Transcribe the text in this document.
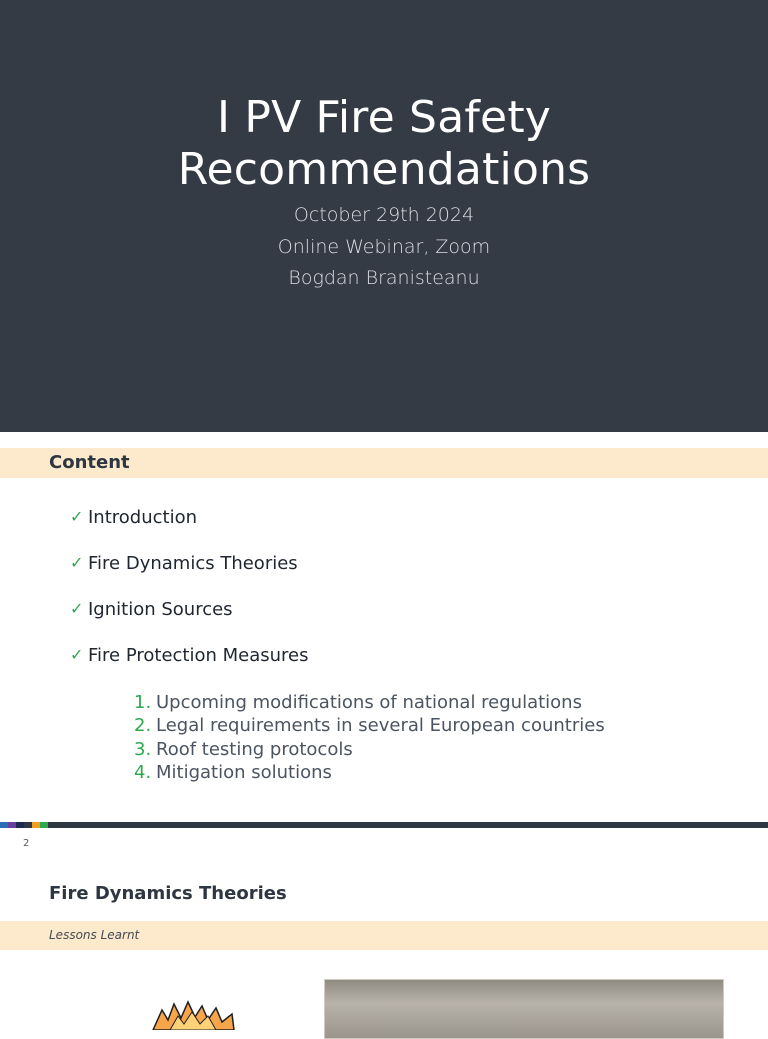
I PV Fire Safety
Recommendations
October 29th 2024
Online Webinar, Zoom
Bogdan Branisteanu
Content
✓ Introduction
✓ Fire Dynamics Theories
✓ Ignition Sources
✓ Fire Protection Measures
1. Upcoming modifications of national regulations
2. Legal requirements in several European countries
3. Roof testing protocols
4. Mitigation solutions
2
Fire Dynamics Theories
Lessons Learnt
